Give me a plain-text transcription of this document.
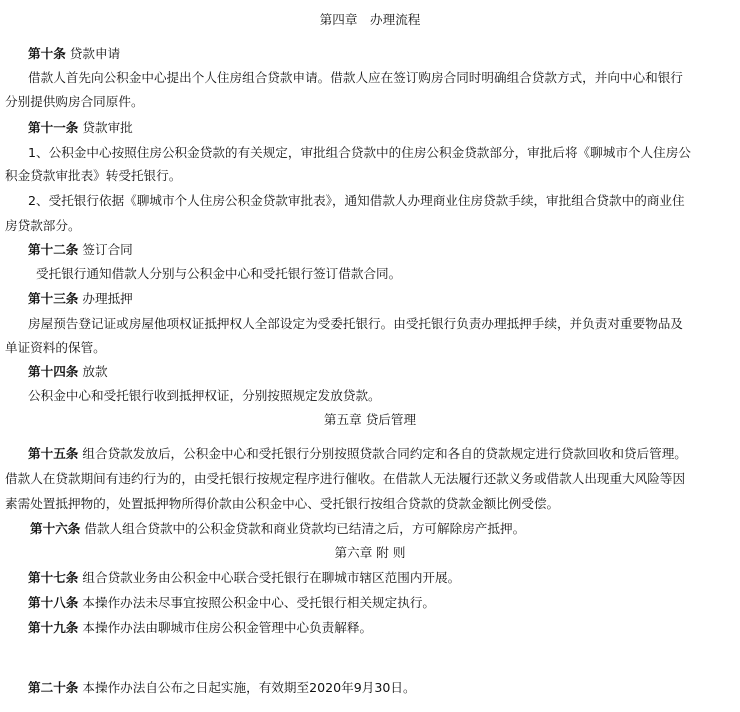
第四章　办理流程
第十条 贷款申请
借款人首先向公积金中心提出个人住房组合贷款申请。借款人应在签订购房合同时明确组合贷款方式，并向中心和银行
分别提供购房合同原件。
第十一条 贷款审批
1、公积金中心按照住房公积金贷款的有关规定，审批组合贷款中的住房公积金贷款部分，审批后将《聊城市个人住房公
积金贷款审批表》转受托银行。
2、受托银行依据《聊城市个人住房公积金贷款审批表》，通知借款人办理商业住房贷款手续，审批组合贷款中的商业住
房贷款部分。
第十二条 签订合同
受托银行通知借款人分别与公积金中心和受托银行签订借款合同。
第十三条 办理抵押
房屋预告登记证或房屋他项权证抵押权人全部设定为受委托银行。由受托银行负责办理抵押手续，并负责对重要物品及
单证资料的保管。
第十四条 放款
公积金中心和受托银行收到抵押权证，分别按照规定发放贷款。
第五章 贷后管理
第十五条 组合贷款发放后，公积金中心和受托银行分别按照贷款合同约定和各自的贷款规定进行贷款回收和贷后管理。
借款人在贷款期间有违约行为的，由受托银行按规定程序进行催收。在借款人无法履行还款义务或借款人出现重大风险等因
素需处置抵押物的，处置抵押物所得价款由公积金中心、受托银行按组合贷款的贷款金额比例受偿。
第十六条 借款人组合贷款中的公积金贷款和商业贷款均已结清之后，方可解除房产抵押。
第六章 附 则
第十七条 组合贷款业务由公积金中心联合受托银行在聊城市辖区范围内开展。
第十八条 本操作办法未尽事宜按照公积金中心、受托银行相关规定执行。
第十九条 本操作办法由聊城市住房公积金管理中心负责解释。
第二十条 本操作办法自公布之日起实施，有效期至2020年9月30日。
